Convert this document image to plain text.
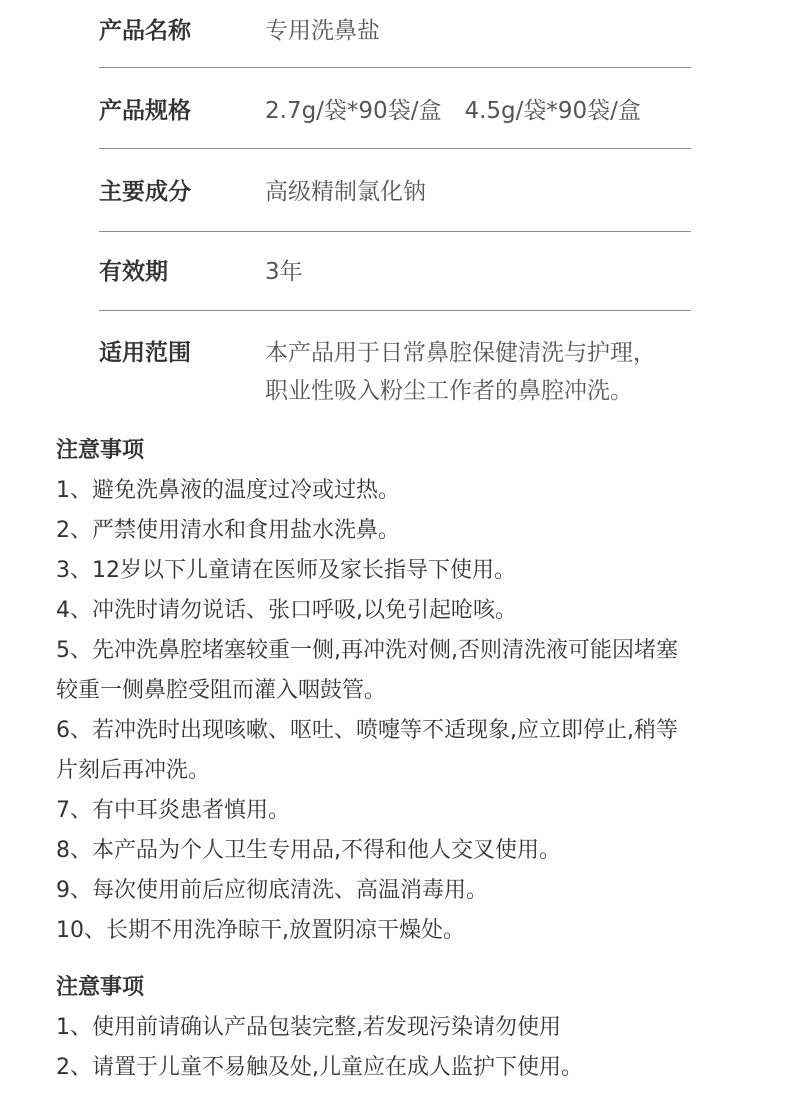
产品名称	专用洗鼻盐
产品规格	2.7g/袋*90袋/盒　4.5g/袋*90袋/盒
主要成分	高级精制氯化钠
有效期	3年
适用范围	本产品用于日常鼻腔保健清洗与护理，
职业性吸入粉尘工作者的鼻腔冲洗。
注意事项
1、避免洗鼻液的温度过冷或过热。
2、严禁使用清水和食用盐水洗鼻。
3、12岁以下儿童请在医师及家长指导下使用。
4、冲洗时请勿说话、张口呼吸,以免引起呛咳。
5、先冲洗鼻腔堵塞较重一侧,再冲洗对侧,否则清洗液可能因堵塞
较重一侧鼻腔受阻而灌入咽鼓管。
6、若冲洗时出现咳嗽、呕吐、喷嚏等不适现象,应立即停止,稍等
片刻后再冲洗。
7、有中耳炎患者慎用。
8、本产品为个人卫生专用品,不得和他人交叉使用。
9、每次使用前后应彻底清洗、高温消毒用。
10、长期不用洗净晾干,放置阴凉干燥处。
注意事项
1、使用前请确认产品包装完整,若发现污染请勿使用
2、请置于儿童不易触及处,儿童应在成人监护下使用。
